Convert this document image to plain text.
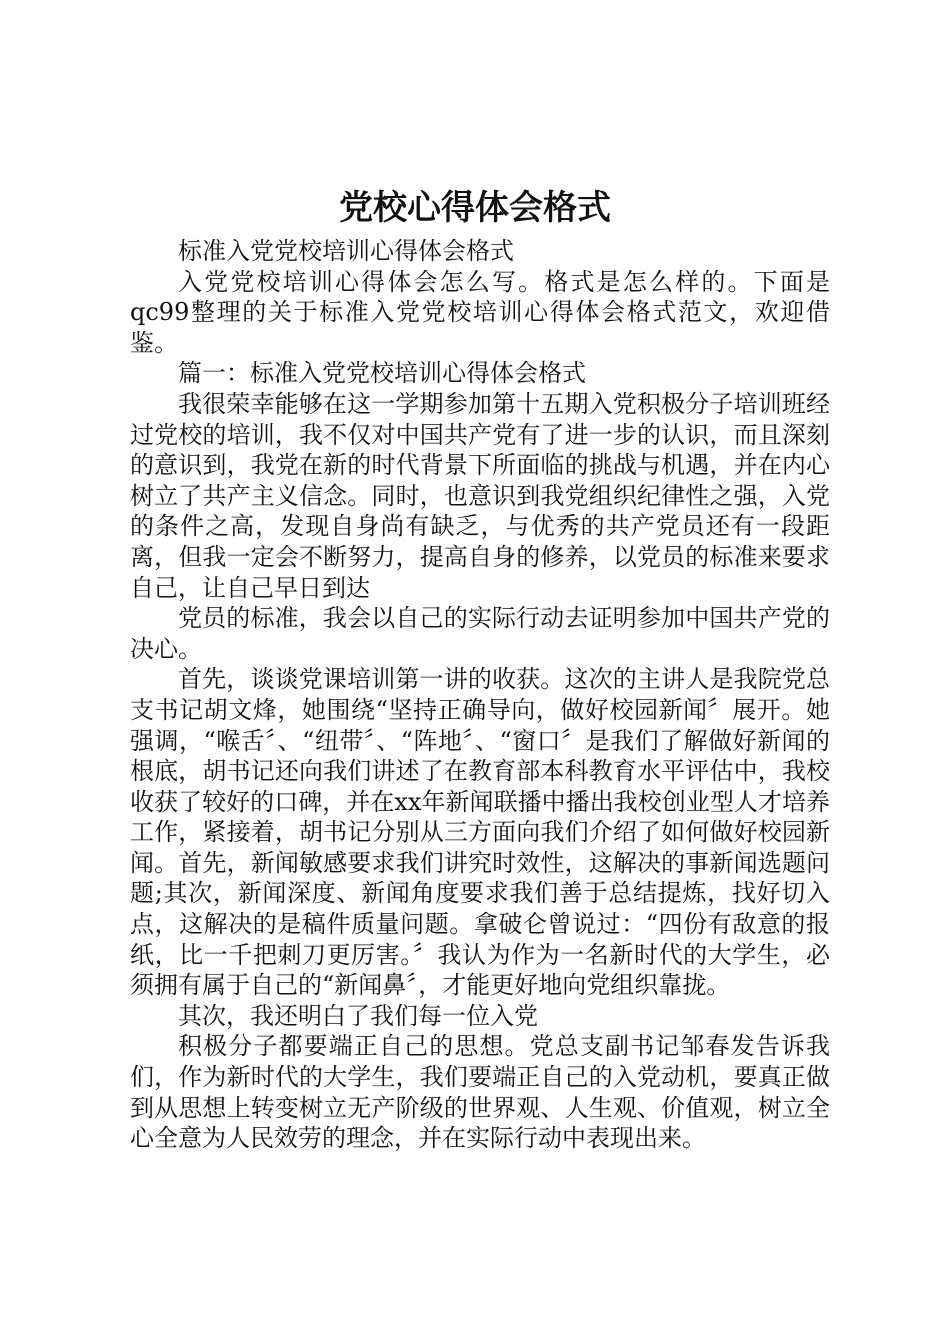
党校心得体会格式

标准入党党校培训心得体会格式

入党党校培训心得体会怎么写。格式是怎么样的。下面是qc99整理的关于标准入党党校培训心得体会格式范文，欢迎借鉴。

篇一：标准入党党校培训心得体会格式

我很荣幸能够在这一学期参加第十五期入党积极分子培训班经过党校的培训，我不仅对中国共产党有了进一步的认识，而且深刻的意识到，我党在新的时代背景下所面临的挑战与机遇，并在内心树立了共产主义信念。同时，也意识到我党组织纪律性之强，入党的条件之高，发现自身尚有缺乏，与优秀的共产党员还有一段距离，但我一定会不断努力，提高自身的修养，以党员的标准来要求自己，让自己早日到达

党员的标准，我会以自己的实际行动去证明参加中国共产党的决心。

首先，谈谈党课培训第一讲的收获。这次的主讲人是我院党总支书记胡文烽，她围绕“坚持正确导向，做好校园新闻〞展开。她强调，“喉舌〞、“纽带〞、“阵地〞、“窗口〞是我们了解做好新闻的根底，胡书记还向我们讲述了在教育部本科教育水平评估中，我校收获了较好的口碑，并在xx年新闻联播中播出我校创业型人才培养工作，紧接着，胡书记分别从三方面向我们介绍了如何做好校园新闻。首先，新闻敏感要求我们讲究时效性，这解决的事新闻选题问题;其次，新闻深度、新闻角度要求我们善于总结提炼，找好切入点，这解决的是稿件质量问题。拿破仑曾说过：“四份有敌意的报纸，比一千把刺刀更厉害。〞我认为作为一名新时代的大学生，必须拥有属于自己的“新闻鼻〞，才能更好地向党组织靠拢。

其次，我还明白了我们每一位入党

积极分子都要端正自己的思想。党总支副书记邹春发告诉我们，作为新时代的大学生，我们要端正自己的入党动机，要真正做到从思想上转变树立无产阶级的世界观、人生观、价值观，树立全心全意为人民效劳的理念，并在实际行动中表现出来。
